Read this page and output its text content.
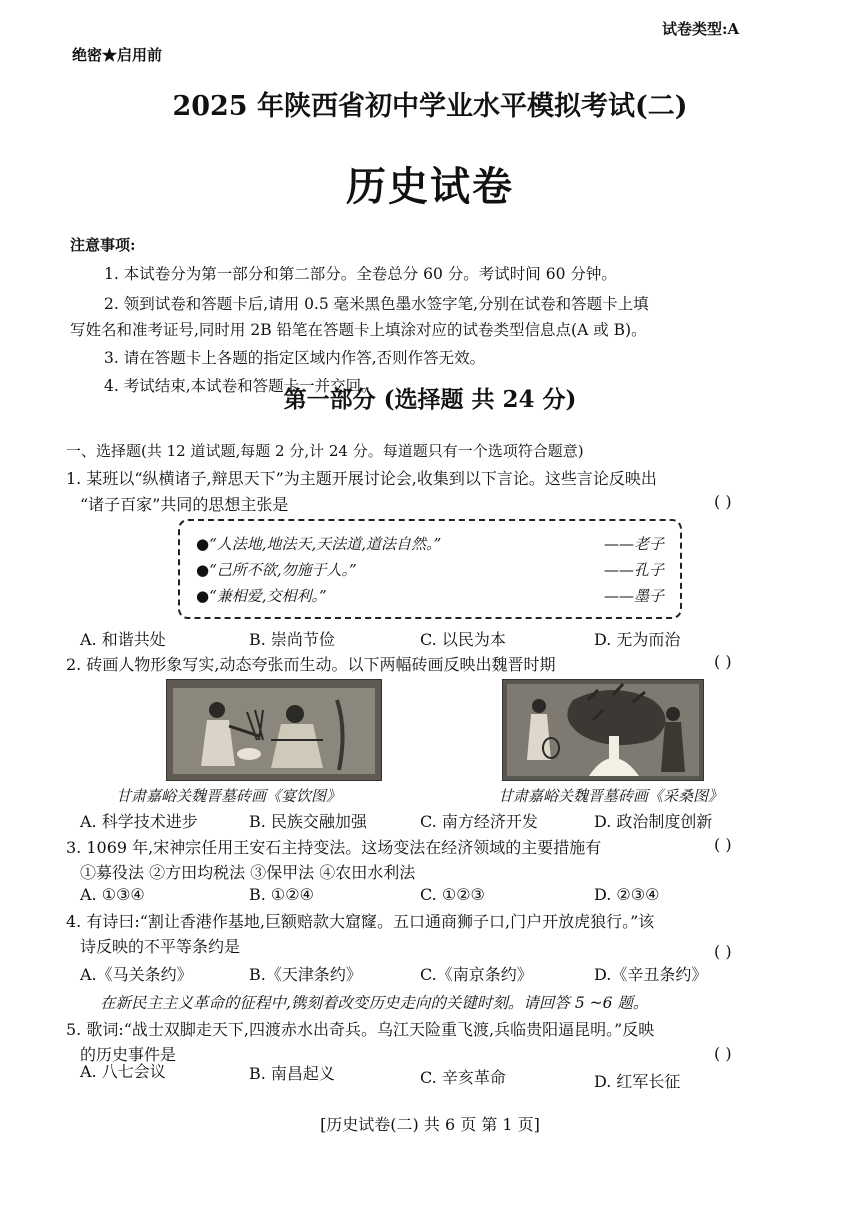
试卷类型:A
绝密★启用前
2025 年陕西省初中学业水平模拟考试(二)
历史试卷
注意事项:
1. 本试卷分为第一部分和第二部分。全卷总分 60 分。考试时间 60 分钟。
2. 领到试卷和答题卡后,请用 0.5 毫米黑色墨水签字笔,分别在试卷和答题卡上填
写姓名和准考证号,同时用 2B 铅笔在答题卡上填涂对应的试卷类型信息点(A 或 B)。
3. 请在答题卡上各题的指定区域内作答,否则作答无效。
4. 考试结束,本试卷和答题卡一并交回。
第一部分 (选择题 共 24 分)
一、选择题(共 12 道试题,每题 2 分,计 24 分。每道题只有一个选项符合题意)
1. 某班以“纵横诸子,辩思天下”为主题开展讨论会,收集到以下言论。这些言论反映出
“诸子百家”共同的思想主张是	( )
●“人法地,地法天,天法道,道法自然。”	——老子
●“己所不欲,勿施于人。”	——孔子
●“兼相爱,交相利。”	——墨子
A. 和谐共处	B. 崇尚节俭	C. 以民为本	D. 无为而治
2. 砖画人物形象写实,动态夸张而生动。以下两幅砖画反映出魏晋时期	( )
甘肃嘉峪关魏晋墓砖画《宴饮图》	甘肃嘉峪关魏晋墓砖画《采桑图》
A. 科学技术进步	B. 民族交融加强	C. 南方经济开发	D. 政治制度创新
3. 1069 年,宋神宗任用王安石主持变法。这场变法在经济领域的主要措施有	( )
①募役法 ②方田均税法 ③保甲法 ④农田水利法
A. ①③④	B. ①②④	C. ①②③	D. ②③④
4. 有诗曰:“割让香港作基地,巨额赔款大窟窿。五口通商狮子口,门户开放虎狼行。”该
诗反映的不平等条约是	( )
A.《马关条约》	B.《天津条约》	C.《南京条约》	D.《辛丑条约》
在新民主主义革命的征程中,镌刻着改变历史走向的关键时刻。请回答 5 ~6 题。
5. 歌词:“战士双脚走天下,四渡赤水出奇兵。乌江天险重飞渡,兵临贵阳逼昆明。”反映
的历史事件是	( )
A. 八七会议	B. 南昌起义	C. 辛亥革命	D. 红军长征
[历史试卷(二) 共 6 页 第 1 页]
